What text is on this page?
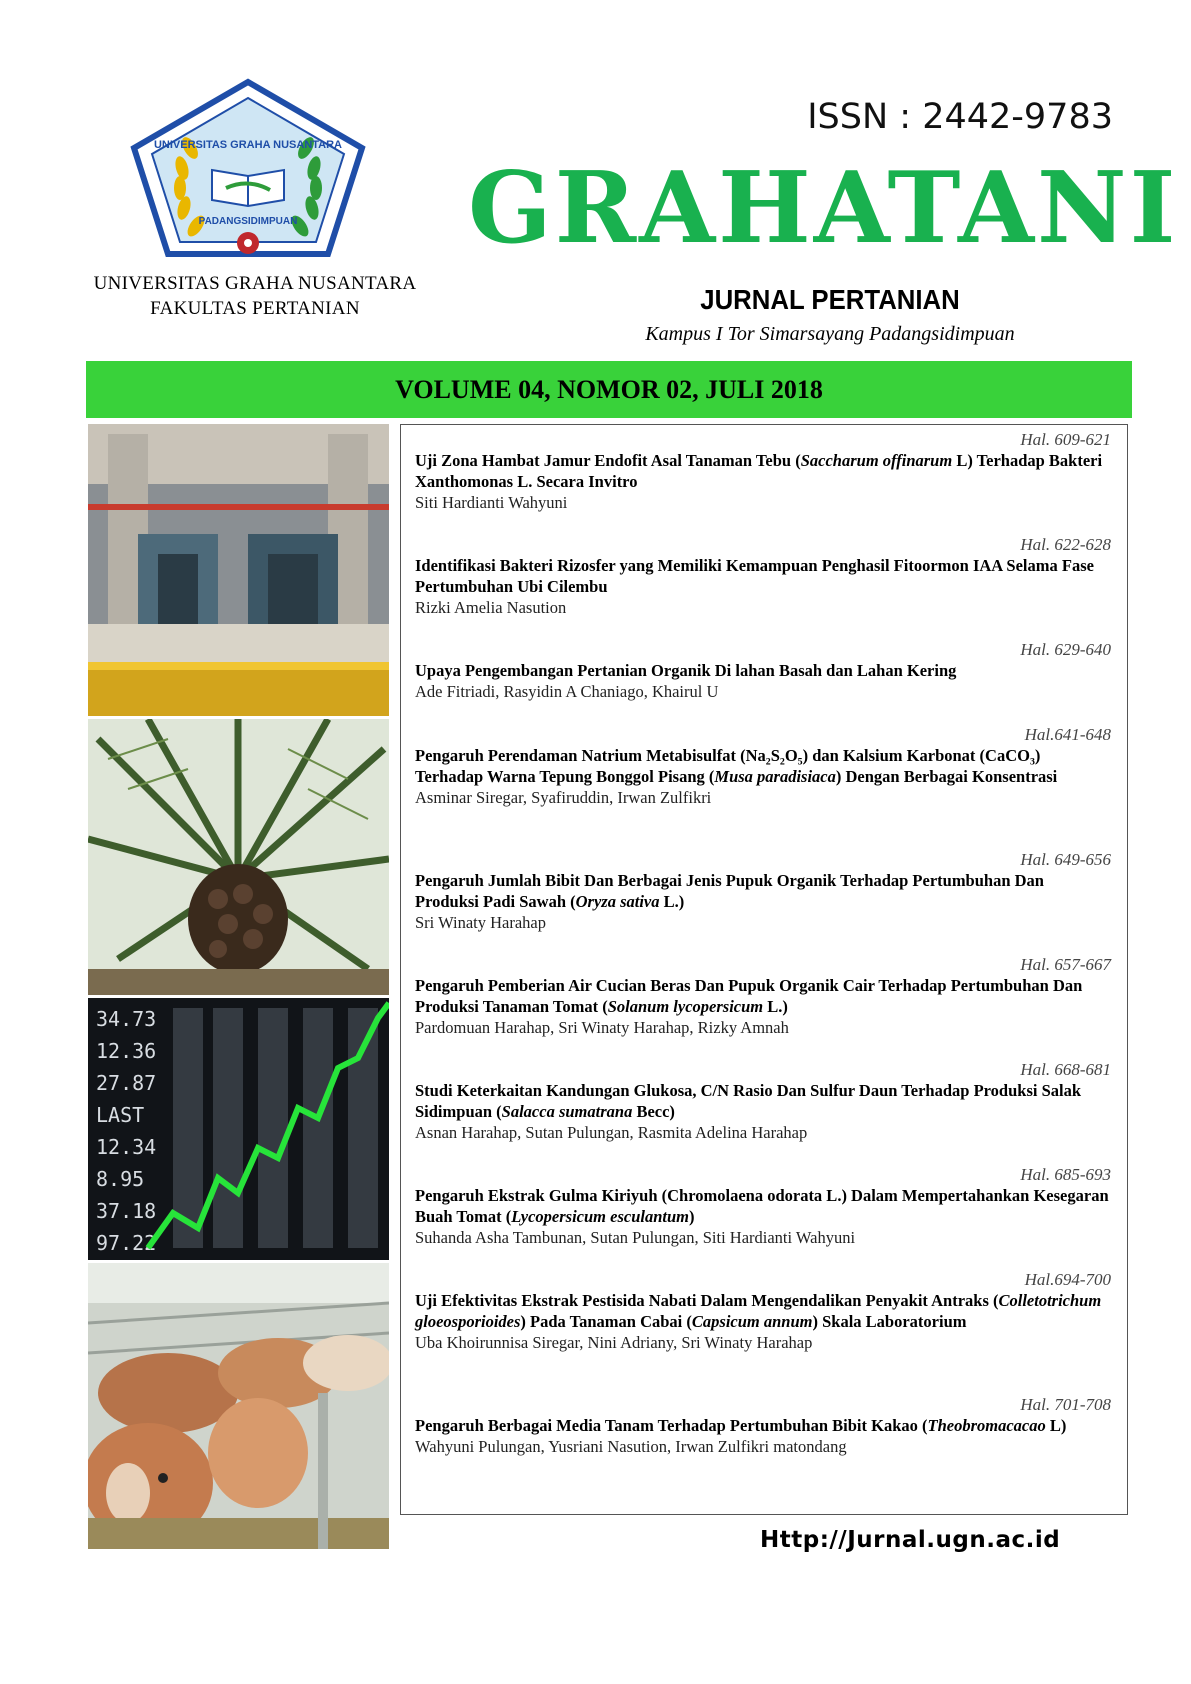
UNIVERSITAS GRAHA NUSANTARA
PADANGSIDIMPUAN
UNIVERSITAS GRAHA NUSANTARA
FAKULTAS PERTANIAN
ISSN : 2442-9783
GRAHATANI
JURNAL PERTANIAN
Kampus I Tor Simarsayang Padangsidimpuan
VOLUME 04, NOMOR 02, JULI 2018
34.73
12.36
27.87
LAST
12.34
8.95
37.18
97.22
Hal. 609-621
Uji Zona Hambat Jamur Endofit Asal Tanaman Tebu (Saccharum offinarum L) Terhadap Bakteri Xanthomonas L. Secara Invitro
Siti Hardianti Wahyuni
Hal. 622-628
Identifikasi Bakteri Rizosfer yang Memiliki Kemampuan Penghasil Fitoormon IAA Selama Fase Pertumbuhan Ubi Cilembu
Rizki Amelia Nasution
Hal. 629-640
Upaya Pengembangan Pertanian Organik Di lahan Basah dan Lahan Kering
Ade Fitriadi, Rasyidin A Chaniago, Khairul U
Hal.641-648
Pengaruh Perendaman Natrium Metabisulfat (Na₂S₂O₅) dan Kalsium Karbonat (CaCO₃) Terhadap Warna Tepung Bonggol Pisang (Musa paradisiaca) Dengan Berbagai Konsentrasi
Asminar Siregar, Syafiruddin, Irwan Zulfikri
Hal. 649-656
Pengaruh Jumlah Bibit Dan Berbagai Jenis Pupuk Organik Terhadap Pertumbuhan Dan Produksi Padi Sawah (Oryza sativa L.)
Sri Winaty Harahap
Hal. 657-667
Pengaruh Pemberian Air Cucian Beras Dan Pupuk Organik Cair Terhadap Pertumbuhan Dan Produksi Tanaman Tomat (Solanum lycopersicum L.)
Pardomuan Harahap, Sri Winaty Harahap, Rizky Amnah
Hal. 668-681
Studi Keterkaitan Kandungan Glukosa, C/N Rasio Dan Sulfur Daun Terhadap Produksi Salak Sidimpuan (Salacca sumatrana Becc)
Asnan Harahap, Sutan Pulungan, Rasmita Adelina Harahap
Hal. 685-693
Pengaruh Ekstrak Gulma Kiriyuh (Chromolaena odorata L.) Dalam Mempertahankan Kesegaran Buah Tomat (Lycopersicum esculantum)
Suhanda Asha Tambunan, Sutan Pulungan, Siti Hardianti Wahyuni
Hal.694-700
Uji Efektivitas Ekstrak Pestisida Nabati Dalam Mengendalikan Penyakit Antraks (Colletotrichum gloeosporioides) Pada Tanaman Cabai (Capsicum annum) Skala Laboratorium
Uba Khoirunnisa Siregar, Nini Adriany, Sri Winaty Harahap
Hal. 701-708
Pengaruh Berbagai Media Tanam Terhadap Pertumbuhan Bibit Kakao (Theobromacacao L)
Wahyuni Pulungan, Yusriani Nasution, Irwan Zulfikri matondang
Http://Jurnal.ugn.ac.id
